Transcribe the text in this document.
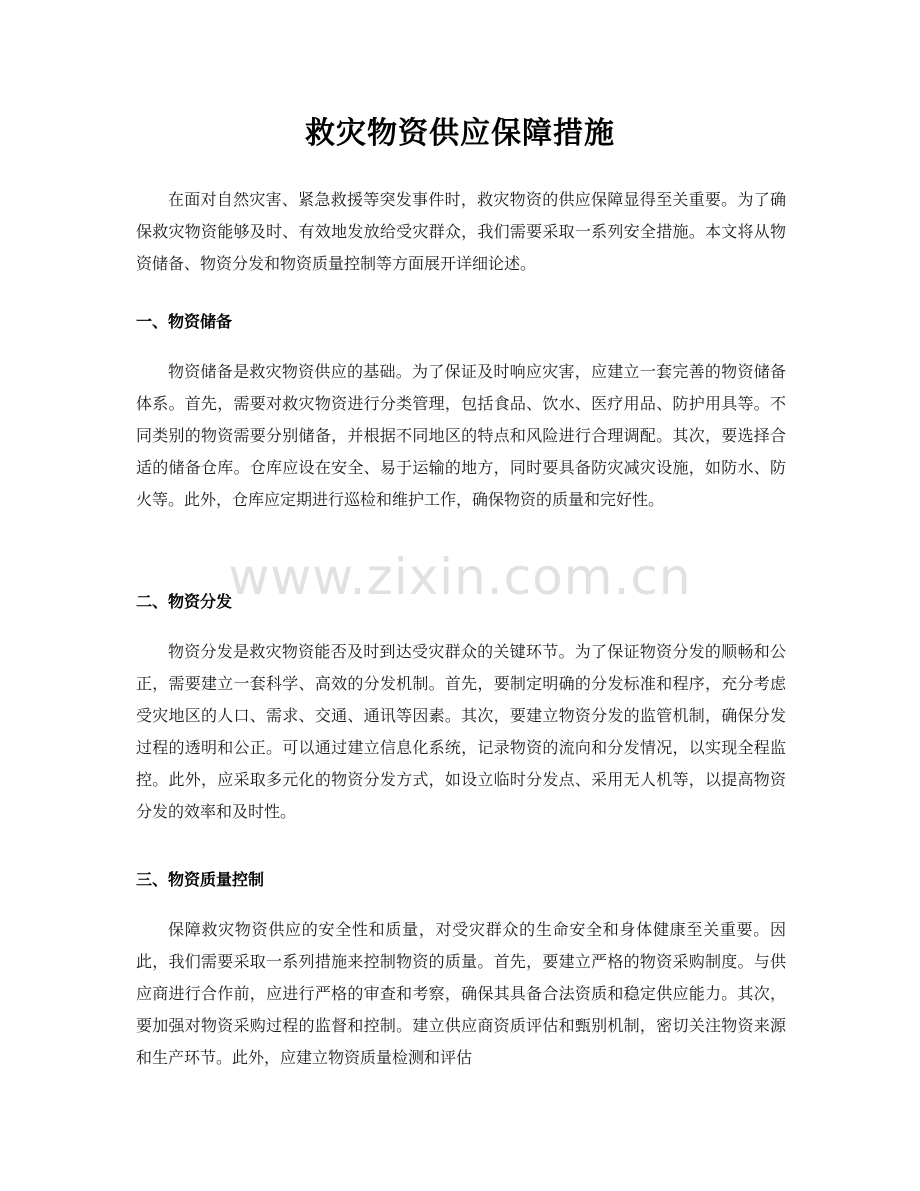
救灾物资供应保障措施

在面对自然灾害、紧急救援等突发事件时，救灾物资的供应保障显得至关重要。为了确保救灾物资能够及时、有效地发放给受灾群众，我们需要采取一系列安全措施。本文将从物资储备、物资分发和物资质量控制等方面展开详细论述。

一、物资储备

物资储备是救灾物资供应的基础。为了保证及时响应灾害，应建立一套完善的物资储备体系。首先，需要对救灾物资进行分类管理，包括食品、饮水、医疗用品、防护用具等。不同类别的物资需要分别储备，并根据不同地区的特点和风险进行合理调配。其次，要选择合适的储备仓库。仓库应设在安全、易于运输的地方，同时要具备防灾减灾设施，如防水、防火等。此外，仓库应定期进行巡检和维护工作，确保物资的质量和完好性。

二、物资分发

物资分发是救灾物资能否及时到达受灾群众的关键环节。为了保证物资分发的顺畅和公正，需要建立一套科学、高效的分发机制。首先，要制定明确的分发标准和程序，充分考虑受灾地区的人口、需求、交通、通讯等因素。其次，要建立物资分发的监管机制，确保分发过程的透明和公正。可以通过建立信息化系统，记录物资的流向和分发情况，以实现全程监控。此外，应采取多元化的物资分发方式，如设立临时分发点、采用无人机等，以提高物资分发的效率和及时性。

三、物资质量控制

保障救灾物资供应的安全性和质量，对受灾群众的生命安全和身体健康至关重要。因此，我们需要采取一系列措施来控制物资的质量。首先，要建立严格的物资采购制度。与供应商进行合作前，应进行严格的审查和考察，确保其具备合法资质和稳定供应能力。其次，要加强对物资采购过程的监督和控制。建立供应商资质评估和甄别机制，密切关注物资来源和生产环节。此外，应建立物资质量检测和评估

www.zixin.com.cn
